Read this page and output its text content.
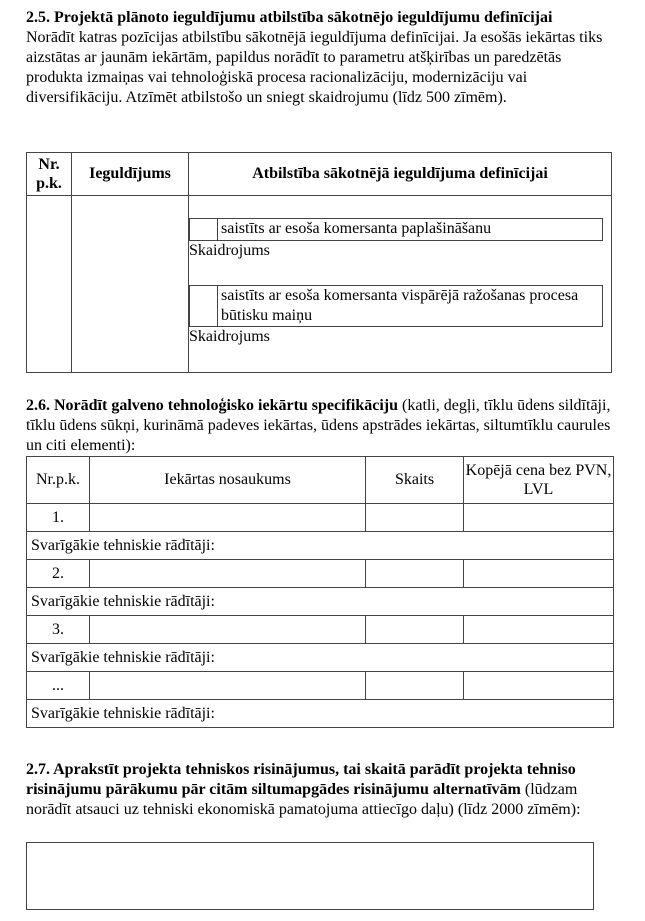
2.5. Projektā plānoto ieguldījumu atbilstība sākotnējo ieguldījumu definīcijai
Norādīt katras pozīcijas atbilstību sākotnējā ieguldījuma definīcijai. Ja esošās iekārtas tiks aizstātas ar jaunām iekārtām, papildus norādīt to parametru atšķirības un paredzētās produkta izmaiņas vai tehnoloģiskā procesa racionalizāciju, modernizāciju vai diversifikāciju. Atzīmēt atbilstošo un sniegt skaidrojumu (līdz 500 zīmēm).
Nr. p.k.	Ieguldījums	Atbilstība sākotnējā ieguldījuma definīcijai

		saistīts ar esoša komersanta paplašināšanu
Skaidrojums
saistīts ar esoša komersanta vispārējā ražošanas procesa būtisku maiņu
Skaidrojums
2.6. Norādīt galveno tehnoloģisko iekārtu specifikāciju (katli, degļi, tīklu ūdens sildītāji, tīklu ūdens sūkņi, kurināmā padeves iekārtas, ūdens apstrādes iekārtas, siltumtīklu caurules un citi elementi):
Nr.p.k.	Iekārtas nosaukums	Skaits	Kopējā cena bez PVN, LVL
1.			
Svarīgākie tehniskie rādītāji:			
2.			
Svarīgākie tehniskie rādītāji:			
3.			
Svarīgākie tehniskie rādītāji:			
...			
Svarīgākie tehniskie rādītāji:			
2.7. Aprakstīt projekta tehniskos risinājumus, tai skaitā parādīt projekta tehniso risinājumu pārākumu pār citām siltumapgādes risinājumu alternatīvām (lūdzam norādīt atsauci uz tehniski ekonomiskā pamatojuma attiecīgo daļu) (līdz 2000 zīmēm):
